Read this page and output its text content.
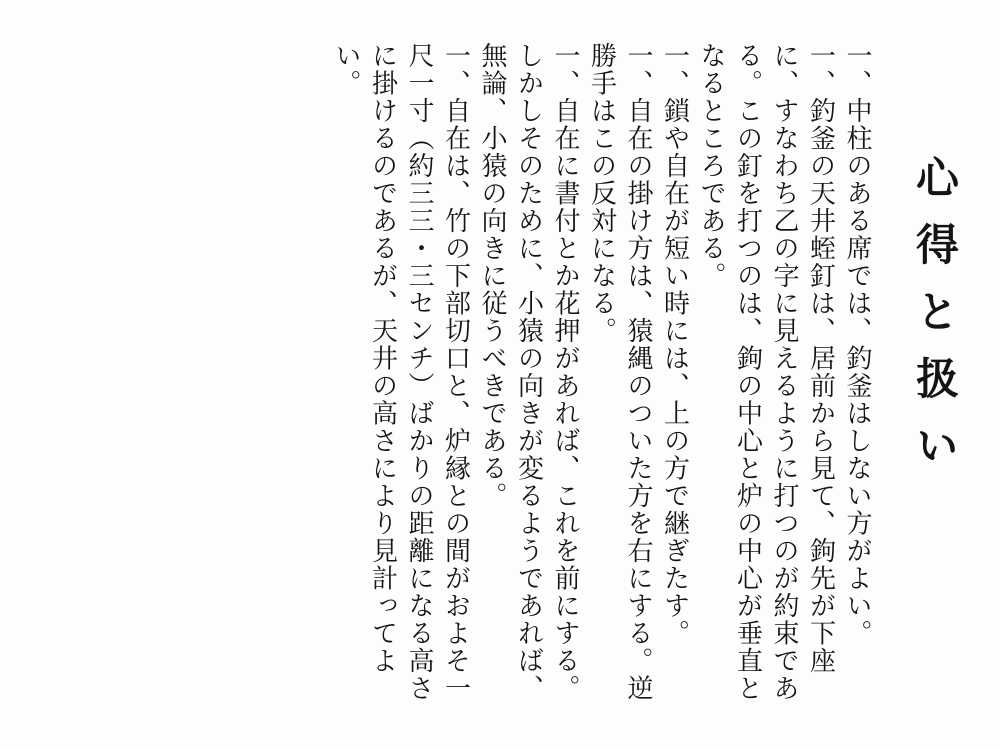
心得と扱い

一、中柱のある席では、釣釜はしない方がよい。

一、釣釜の天井蛭釘は、居前から見て、鉤先が下座に、すなわち乙の字に見えるように打つのが約束である。この釘を打つのは、鉤の中心と炉の中心が垂直となるところである。

一、鎖や自在が短い時には、上の方で継ぎたす。

一、自在の掛け方は、猿縄のついた方を右にする。逆勝手はこの反対になる。

一、自在に書付とか花押があれば、これを前にする。しかしそのために、小猿の向きが変るようであれば、無論、小猿の向きに従うべきである。

一、自在は、竹の下部切口と、炉縁との間がおよそ一尺一寸（約三三・三センチ）ばかりの距離になる高さに掛けるのであるが、天井の高さにより見計ってよい。
